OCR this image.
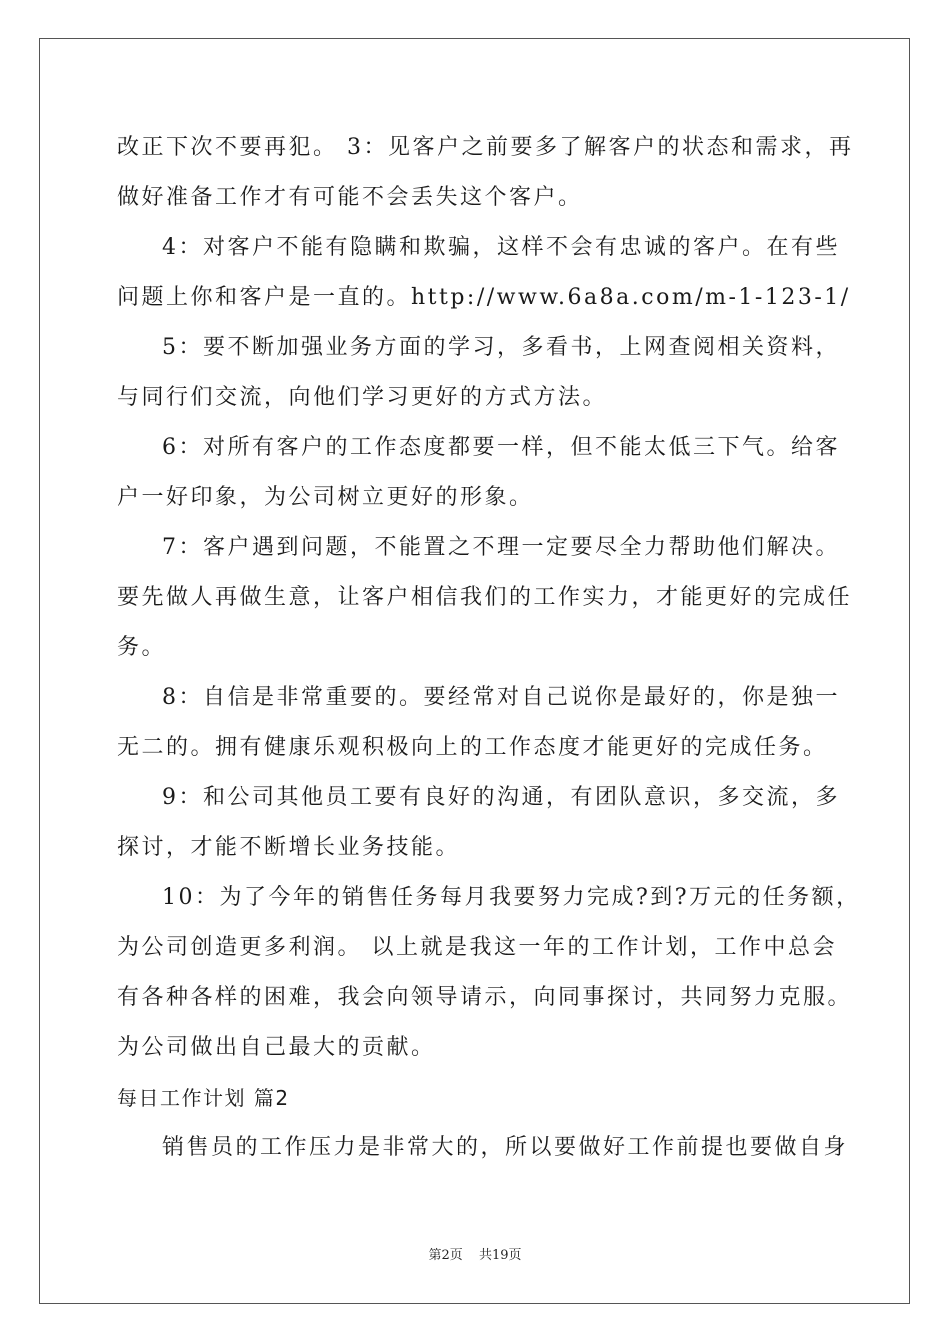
改正下次不要再犯。 3：见客户之前要多了解客户的状态和需求，再
做好准备工作才有可能不会丢失这个客户。
4：对客户不能有隐瞒和欺骗，这样不会有忠诚的客户。在有些
问题上你和客户是一直的。http://www.6a8a.com/m-1-123-1/
5：要不断加强业务方面的学习，多看书，上网查阅相关资料，
与同行们交流，向他们学习更好的方式方法。
6：对所有客户的工作态度都要一样，但不能太低三下气。给客
户一好印象，为公司树立更好的形象。
7：客户遇到问题，不能置之不理一定要尽全力帮助他们解决。
要先做人再做生意，让客户相信我们的工作实力，才能更好的完成任
务。
8：自信是非常重要的。要经常对自己说你是最好的，你是独一
无二的。拥有健康乐观积极向上的工作态度才能更好的完成任务。
9：和公司其他员工要有良好的沟通，有团队意识，多交流，多
探讨，才能不断增长业务技能。
10：为了今年的销售任务每月我要努力完成?到?万元的任务额，
为公司创造更多利润。 以上就是我这一年的工作计划，工作中总会
有各种各样的困难，我会向领导请示，向同事探讨，共同努力克服。
为公司做出自己最大的贡献。
每日工作计划 篇2
销售员的工作压力是非常大的，所以要做好工作前提也要做自身
第2页 共19页
